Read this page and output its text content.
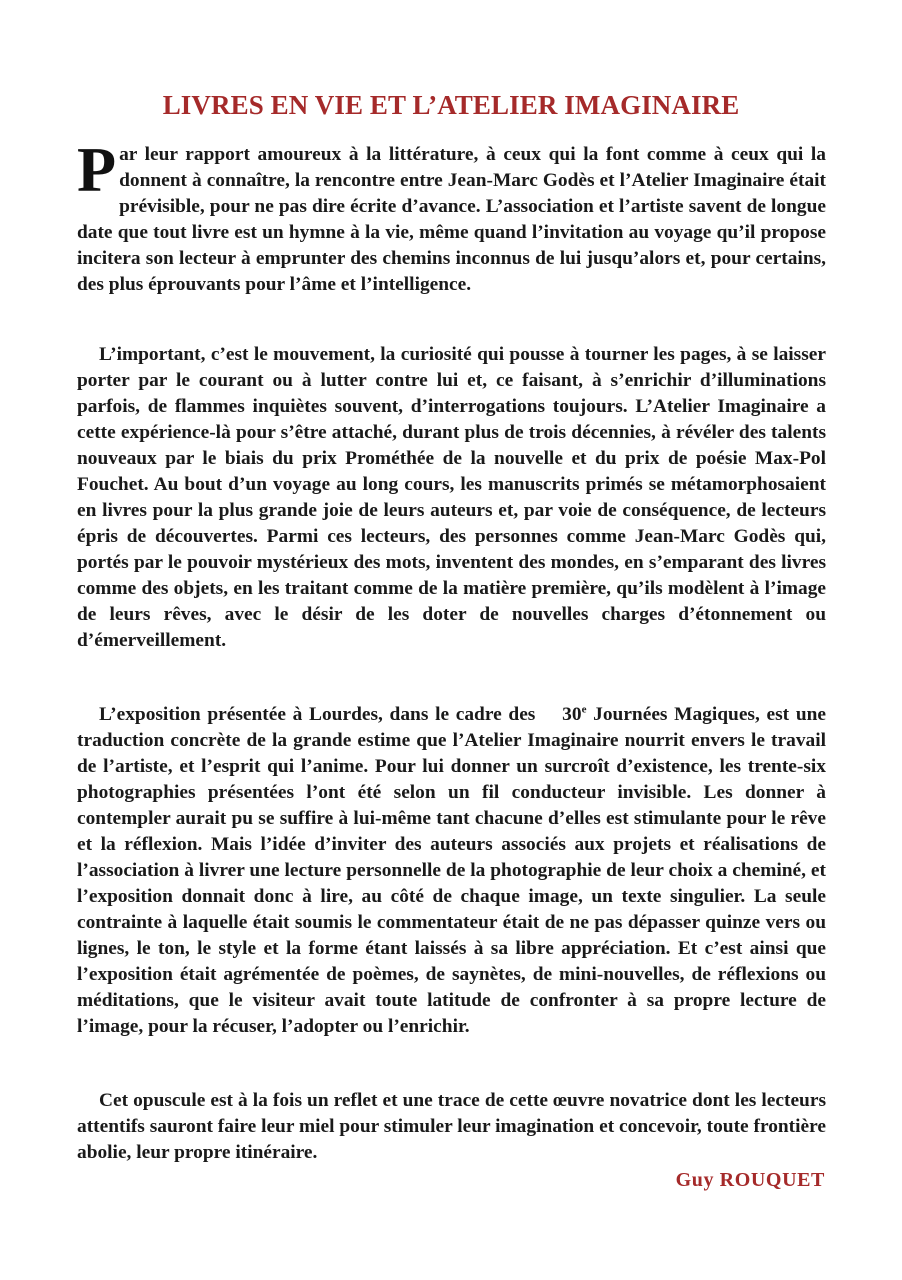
LIVRES EN VIE ET L’ATELIER IMAGINAIRE

Par leur rapport amoureux à la littérature, à ceux qui la font comme à ceux qui la donnent à connaître, la rencontre entre Jean-Marc Godès et l’Atelier Imaginaire était prévisible, pour ne pas dire écrite d’avance. L’association et l’artiste savent de longue date que tout livre est un hymne à la vie, même quand l’invitation au voyage qu’il propose incitera son lecteur à emprunter des chemins inconnus de lui jusqu’alors et, pour certains, des plus éprouvants pour l’âme et l’intelligence.

L’important, c’est le mouvement, la curiosité qui pousse à tourner les pages, à se laisser porter par le courant ou à lutter contre lui et, ce faisant, à s’enrichir d’illuminations parfois, de flammes inquiètes souvent, d’interrogations toujours. L’Atelier Imaginaire a cette expérience-là pour s’être attaché, durant plus de trois décennies, à révéler des talents nouveaux par le biais du prix Prométhée de la nouvelle et du prix de poésie Max-Pol Fouchet. Au bout d’un voyage au long cours, les manuscrits primés se métamorphosaient en livres pour la plus grande joie de leurs auteurs et, par voie de conséquence, de lecteurs épris de découvertes. Parmi ces lecteurs, des personnes comme Jean-Marc Godès qui, portés par le pouvoir mystérieux des mots, inventent des mondes, en s’emparant des livres comme des objets, en les traitant comme de la matière première, qu’ils modèlent à l’image de leurs rêves, avec le désir de les doter de nouvelles charges d’étonnement ou d’émerveillement.

L’exposition présentée à Lourdes, dans le cadre des 30e Journées Magiques, est une traduction concrète de la grande estime que l’Atelier Imaginaire nourrit envers le travail de l’artiste, et l’esprit qui l’anime. Pour lui donner un surcroît d’existence, les trente-six photographies présentées l’ont été selon un fil conducteur invisible. Les donner à contempler aurait pu se suffire à lui-même tant chacune d’elles est stimulante pour le rêve et la réflexion. Mais l’idée d’inviter des auteurs associés aux projets et réalisations de l’association à livrer une lecture personnelle de la photographie de leur choix a cheminé, et l’exposition donnait donc à lire, au côté de chaque image, un texte singulier. La seule contrainte à laquelle était soumis le commentateur était de ne pas dépasser quinze vers ou lignes, le ton, le style et la forme étant laissés à sa libre appréciation. Et c’est ainsi que l’exposition était agrémentée de poèmes, de saynètes, de mini-nouvelles, de réflexions ou méditations, que le visiteur avait toute latitude de confronter à sa propre lecture de l’image, pour la récuser, l’adopter ou l’enrichir.

Cet opuscule est à la fois un reflet et une trace de cette œuvre novatrice dont les lecteurs attentifs sauront faire leur miel pour stimuler leur imagination et concevoir, toute frontière abolie, leur propre itinéraire.

Guy ROUQUET
